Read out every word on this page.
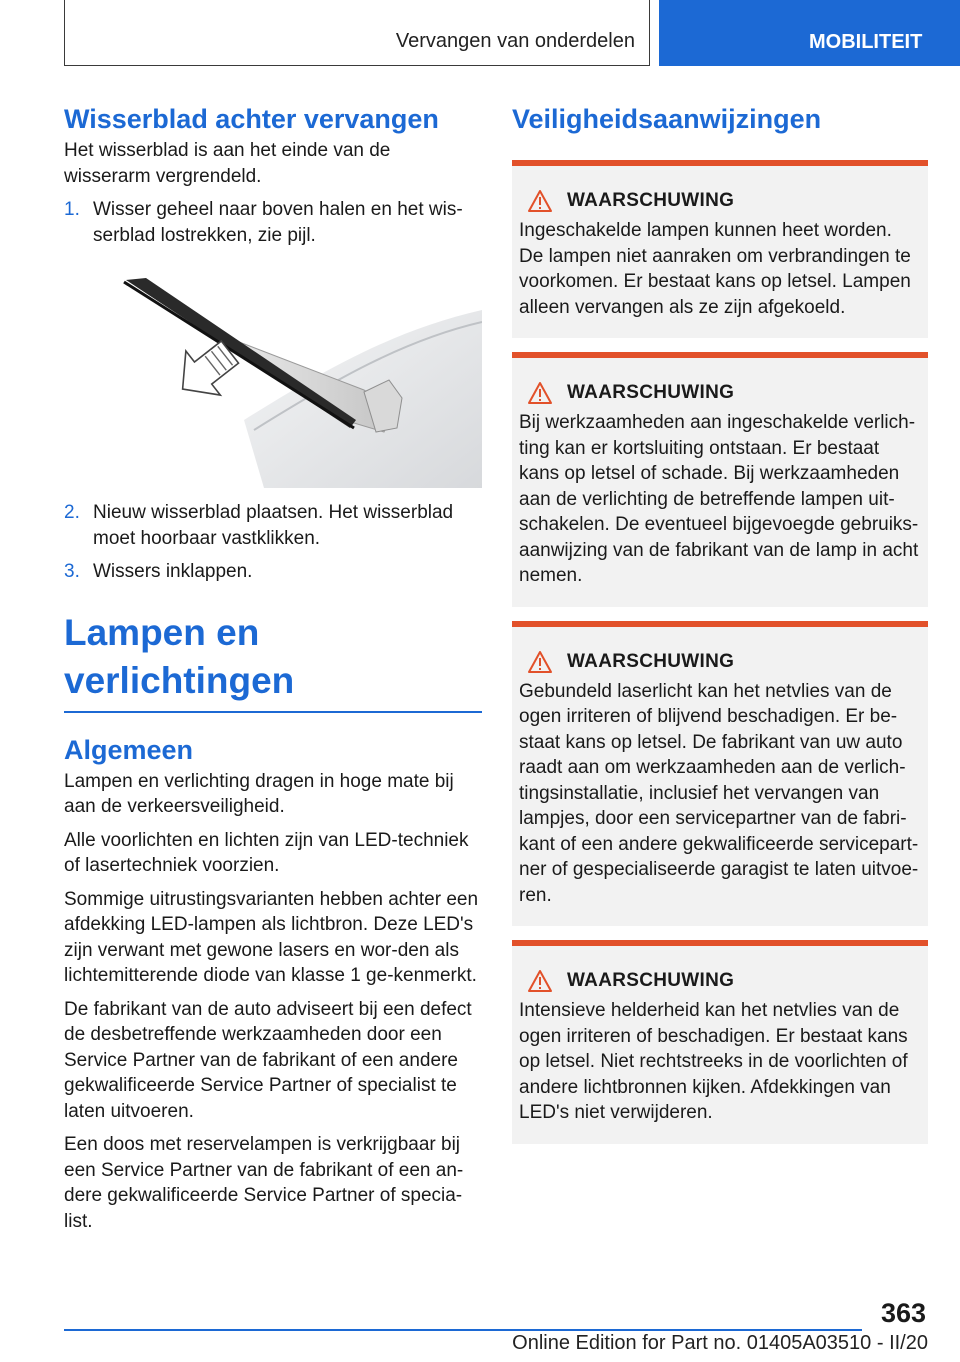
Vervangen van onderdelen	MOBILITEIT
Wisserblad achter vervangen

Het wisserblad is aan het einde van de wisserarm vergrendeld.

1. Wisser geheel naar boven halen en het wis-serblad lostrekken, zie pijl.
2. Nieuw wisserblad plaatsen. Het wisserblad moet hoorbaar vastklikken.
3. Wissers inklappen.
Lampen en verlichtingen
Algemeen

Lampen en verlichting dragen in hoge mate bij aan de verkeersveiligheid.

Alle voorlichten en lichten zijn van LED-techniek of lasertechniek voorzien.

Sommige uitrustingsvarianten hebben achter een afdekking LED-lampen als lichtbron. Deze LED's zijn verwant met gewone lasers en wor-den als lichtemitterende diode van klasse 1 ge-kenmerkt.

De fabrikant van de auto adviseert bij een defect de desbetreffende werkzaamheden door een Service Partner van de fabrikant of een andere gekwalificeerde Service Partner of specialist te laten uitvoeren.

Een doos met reservelampen is verkrijgbaar bij een Service Partner van de fabrikant of een an-dere gekwalificeerde Service Partner of specia-list.

Veiligheidsaanwijzingen
WAARSCHUWING

Ingeschakelde lampen kunnen heet worden. De lampen niet aanraken om verbrandingen te voorkomen. Er bestaat kans op letsel. Lampen alleen vervangen als ze zijn afgekoeld.

WAARSCHUWING

Bij werkzaamheden aan ingeschakelde verlich-ting kan er kortsluiting ontstaan. Er bestaat kans op letsel of schade. Bij werkzaamheden aan de verlichting de betreffende lampen uit-schakelen. De eventueel bijgevoegde gebruiks-aanwijzing van de fabrikant van de lamp in acht nemen.

WAARSCHUWING

Gebundeld laserlicht kan het netvlies van de ogen irriteren of blijvend beschadigen. Er be-staat kans op letsel. De fabrikant van uw auto raadt aan om werkzaamheden aan de verlich-tingsinstallatie, inclusief het vervangen van lampjes, door een servicepartner van de fabri-kant of een andere gekwalificeerde servicepart-ner of gespecialiseerde garagist te laten uitvoe-ren.

WAARSCHUWING

Intensieve helderheid kan het netvlies van de ogen irriteren of beschadigen. Er bestaat kans op letsel. Niet rechtstreeks in de voorlichten of andere lichtbronnen kijken. Afdekkingen van LED's niet verwijderen.

363
Online Edition for Part no. 01405A03510 - II/20
